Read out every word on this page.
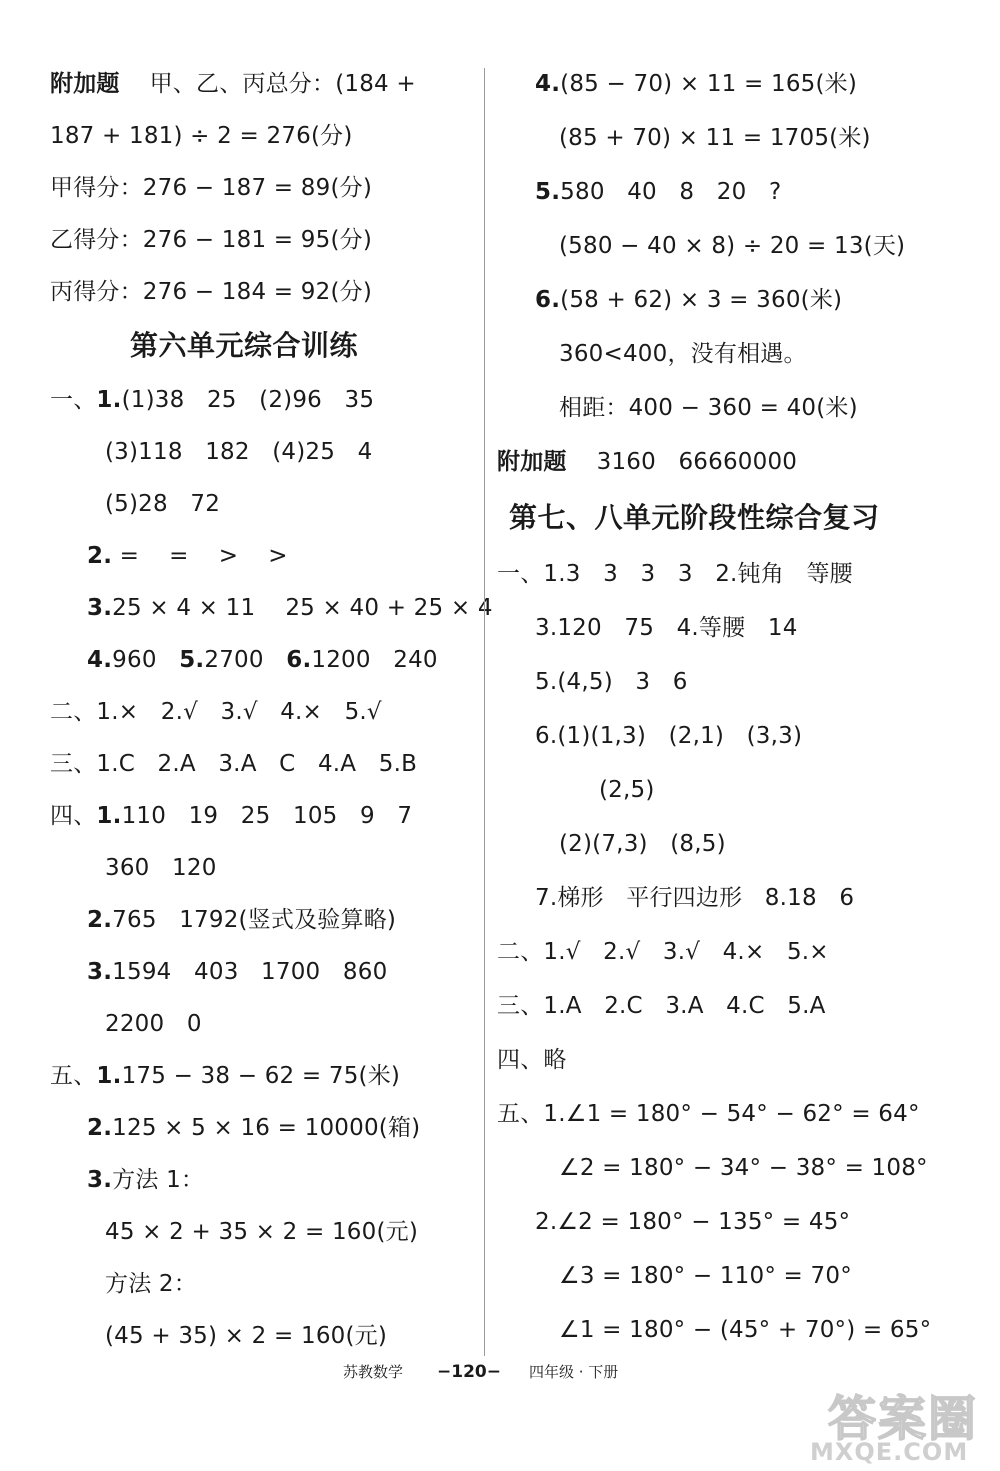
附加题 甲、乙、丙总分：(184 +
187 + 181) ÷ 2 = 276(分)
甲得分：276 − 187 = 89(分)
乙得分：276 − 181 = 95(分)
丙得分：276 − 184 = 92(分)
第六单元综合训练
一、1.(1)38   25   (2)96   35
(3)118   182   (4)25   4
(5)28   72
2. =    =    >    >
3.25 × 4 × 11    25 × 40 + 25 × 4
4.960   5.2700   6.1200   240
二、1.×   2.√   3.√   4.×   5.√
三、1.C   2.A   3.A   C   4.A   5.B
四、1.110   19   25   105   9   7
360   120
2.765   1792(竖式及验算略)
3.1594   403   1700   860
2200   0
五、1.175 − 38 − 62 = 75(米)
2.125 × 5 × 16 = 10000(箱)
3.方法 1：
45 × 2 + 35 × 2 = 160(元)
方法 2：
(45 + 35) × 2 = 160(元)
4.(85 − 70) × 11 = 165(米)
(85 + 70) × 11 = 1705(米)
5.580   40   8   20   ?
(580 − 40 × 8) ÷ 20 = 13(天)
6.(58 + 62) × 3 = 360(米)
360<400，没有相遇。
相距：400 − 360 = 40(米)
附加题 3160   66660000
第七、八单元阶段性综合复习
一、1.3   3   3   3   2.钝角   等腰
3.120   75   4.等腰   14
5.(4,5)   3   6
6.(1)(1,3)   (2,1)   (3,3)
(2,5)
(2)(7,3)   (8,5)
7.梯形   平行四边形   8.18   6
二、1.√   2.√   3.√   4.×   5.×
三、1.A   2.C   3.A   4.C   5.A
四、略
五、1.∠1 = 180° − 54° − 62° = 64°
∠2 = 180° − 34° − 38° = 108°
2.∠2 = 180° − 135° = 45°
∠3 = 180° − 110° = 70°
∠1 = 180° − (45° + 70°) = 65°
苏教数学 −120− 四年级 · 下册
答案圈
MXQE.COM
